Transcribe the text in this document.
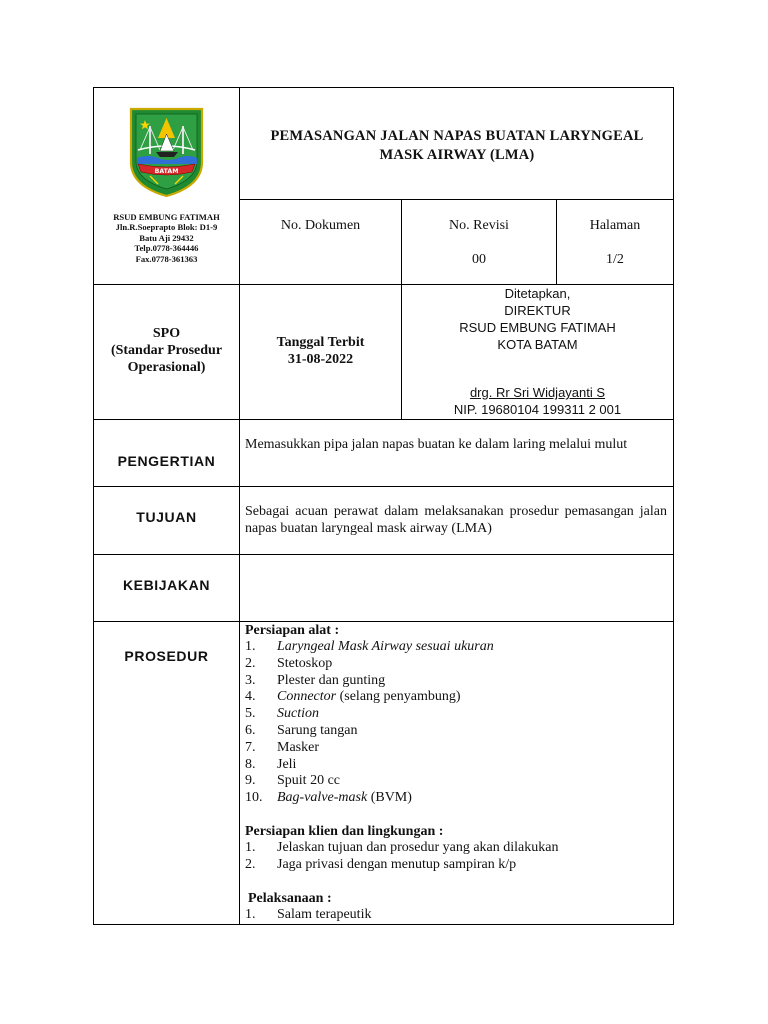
BATAM
RSUD EMBUNG FATIMAH
Jln.R.Soeprapto Blok: D1-9
Batu Aji 29432
Telp.0778-364446
Fax.0778-361363
PEMASANGAN JALAN NAPAS BUATAN LARYNGEAL MASK AIRWAY (LMA)
No. Dokumen	No. Revisi
00
Halaman
1/2
SPO
(Standar Prosedur
Operasional)
Tanggal Terbit
31-08-2022
Ditetapkan,
DIREKTUR
RSUD EMBUNG FATIMAH
KOTA BATAM
drg. Rr Sri Widjayanti S
NIP. 19680104 199311 2 001
PENGERTIAN
Memasukkan pipa jalan napas buatan ke dalam laring melalui mulut
TUJUAN	Sebagai acuan perawat dalam melaksanakan prosedur pemasangan jalan napas buatan laryngeal mask airway (LMA)
KEBIJAKAN
PROSEDUR
Persiapan alat :
1. Laryngeal Mask Airway sesuai ukuran
2. Stetoskop
3. Plester dan gunting
4. Connector (selang penyambung)
5. Suction
6. Sarung tangan
7. Masker
8. Jeli
9. Spuit 20 cc
10. Bag-valve-mask (BVM)
Persiapan klien dan lingkungan :
1. Jelaskan tujuan dan prosedur yang akan dilakukan
2. Jaga privasi dengan menutup sampiran k/p
Pelaksanaan :
1. Salam terapeutik
